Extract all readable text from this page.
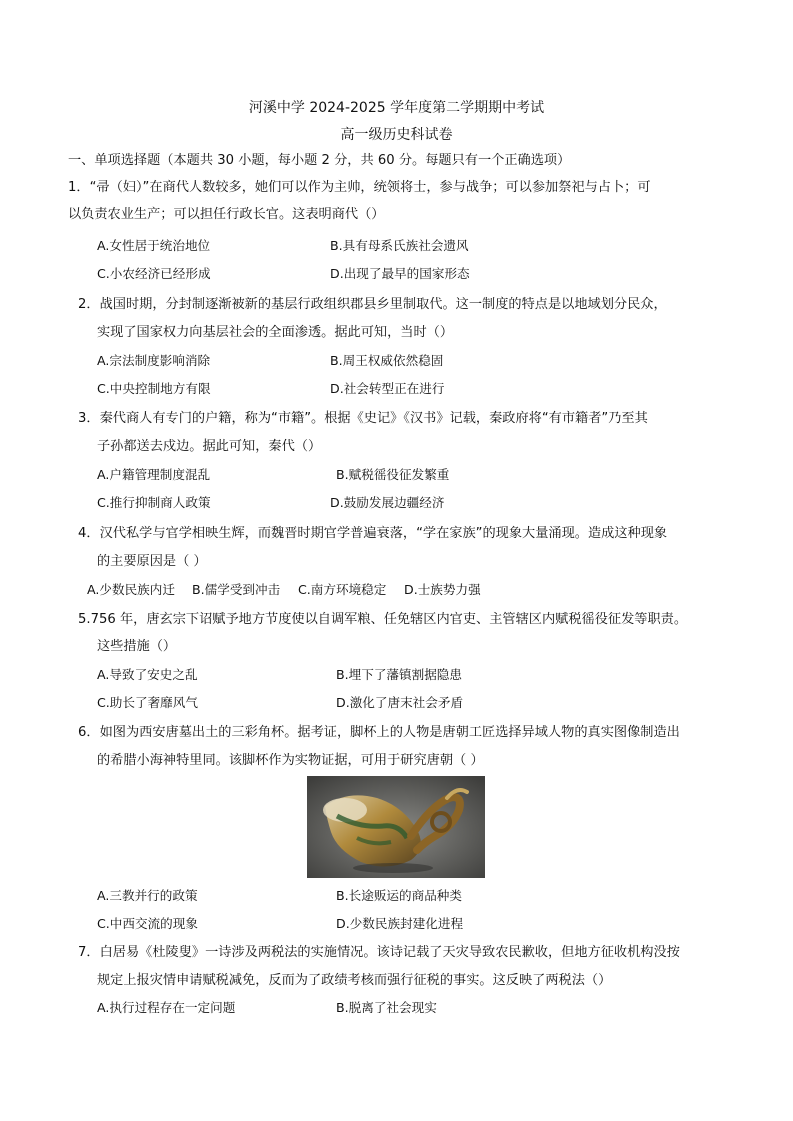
河溪中学 2024-2025 学年度第二学期期中考试
高一级历史科试卷
一、单项选择题（本题共 30 小题，每小题 2 分，共 60 分。每题只有一个正确选项）
1．“帚（妇）”在商代人数较多，她们可以作为主帅，统领将士，参与战争；可以参加祭祀与占卜；可
以负责农业生产；可以担任行政长官。这表明商代（）
A.女性居于统治地位	B.具有母系氏族社会遗风
C.小农经济已经形成	D.出现了最早的国家形态
2．战国时期，分封制逐渐被新的基层行政组织郡县乡里制取代。这一制度的特点是以地域划分民众，
实现了国家权力向基层社会的全面渗透。据此可知，当时（）
A.宗法制度影响消除	B.周王权威依然稳固
C.中央控制地方有限	D.社会转型正在进行
3．秦代商人有专门的户籍，称为“市籍”。根据《史记》《汉书》记载，秦政府将“有市籍者”乃至其
子孙都送去戍边。据此可知，秦代（）
A.户籍管理制度混乱	B.赋税徭役征发繁重
C.推行抑制商人政策	D.鼓励发展边疆经济
4．汉代私学与官学相映生辉，而魏晋时期官学普遍衰落，“学在家族”的现象大量涌现。造成这种现象
的主要原因是（ ）
A.少数民族内迁 B.儒学受到冲击 C.南方环境稳定 D.士族势力强
5.756 年，唐玄宗下诏赋予地方节度使以自调军粮、任免辖区内官吏、主管辖区内赋税徭役征发等职责。
这些措施（）
A.导致了安史之乱	B.埋下了藩镇割据隐患
C.助长了奢靡风气	D.激化了唐末社会矛盾
6．如图为西安唐墓出土的三彩角杯。据考证，脚杯上的人物是唐朝工匠选择异域人物的真实图像制造出
的希腊小海神特里同。该脚杯作为实物证据，可用于研究唐朝（ ）
A.三教并行的政策	B.长途贩运的商品种类
C.中西交流的现象	D.少数民族封建化进程
7．白居易《杜陵叟》一诗涉及两税法的实施情况。该诗记载了天灾导致农民歉收，但地方征收机构没按
规定上报灾情申请赋税减免，反而为了政绩考核而强行征税的事实。这反映了两税法（）
A.执行过程存在一定问题	B.脱离了社会现实
